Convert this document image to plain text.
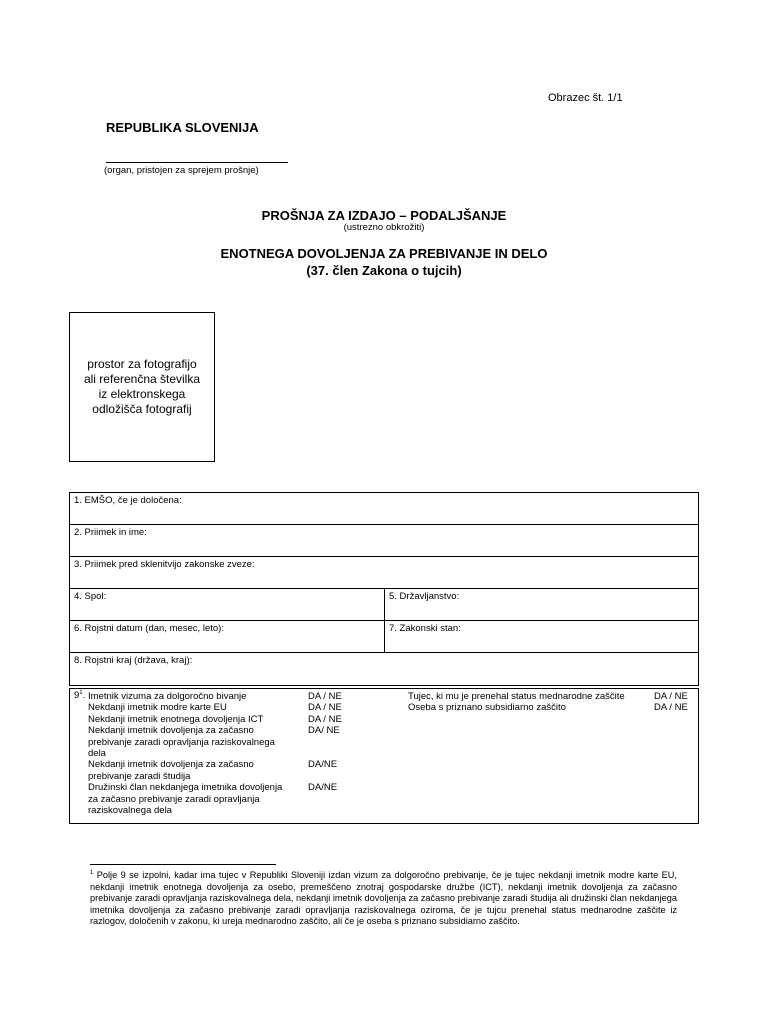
Obrazec št. 1/1
REPUBLIKA SLOVENIJA
(organ, pristojen za sprejem prošnje)
PROŠNJA ZA IZDAJO – PODALJŠANJE
(ustrezno obkrožiti)
ENOTNEGA DOVOLJENJA ZA PREBIVANJE IN DELO
(37. člen Zakona o tujcih)
prostor za fotografijo
ali referenčna številka
iz elektronskega
odložišča fotografij
1. EMŠO, če je določena:
2. Priimek in ime:
3. Priimek pred sklenitvijo zakonske zveze:
4. Spol:	5. Državljanstvo:
6. Rojstni datum (dan, mesec, leto):	7. Zakonski stan:
8. Rojstni kraj (država, kraj):
$9^1$. Imetnik vizuma za dolgoročno bivanje	DA / NE
Nekdanji imetnik modre karte EU	DA / NE
Nekdanji imetnik enotnega dovoljenja ICT	DA / NE
Nekdanji imetnik dovoljenja za začasno prebivanje zaradi opravljanja raziskovalnega dela
DA/ NE
Nekdanji imetnik dovoljenja za začasno prebivanje zaradi študija
DA/NE
Družinski član nekdanjega imetnika dovoljenja za začasno prebivanje zaradi opravljanja raziskovalnega dela
DA/NE
Tujec, ki mu je prenehal status mednarodne zaščite	DA / NE
Oseba s priznano subsidiarno zaščito	DA / NE
$^1$ Polje 9 se izpolni, kadar ima tujec v Republiki Sloveniji izdan vizum za dolgoročno prebivanje, če je tujec nekdanji imetnik modre karte EU, nekdanji imetnik enotnega dovoljenja za osebo, premeščeno znotraj gospodarske družbe (ICT), nekdanji imetnik dovoljenja za začasno prebivanje zaradi opravljanja raziskovalnega dela, nekdanji imetnik dovoljenja za začasno prebivanje zaradi študija ali družinski član nekdanjega imetnika dovoljenja za začasno prebivanje zaradi opravljanja raziskovalnega oziroma, če je tujcu prenehal status mednarodne zaščite iz razlogov, določenih v zakonu, ki ureja mednarodno zaščito, ali če je oseba s priznano subsidiarno zaščito.
